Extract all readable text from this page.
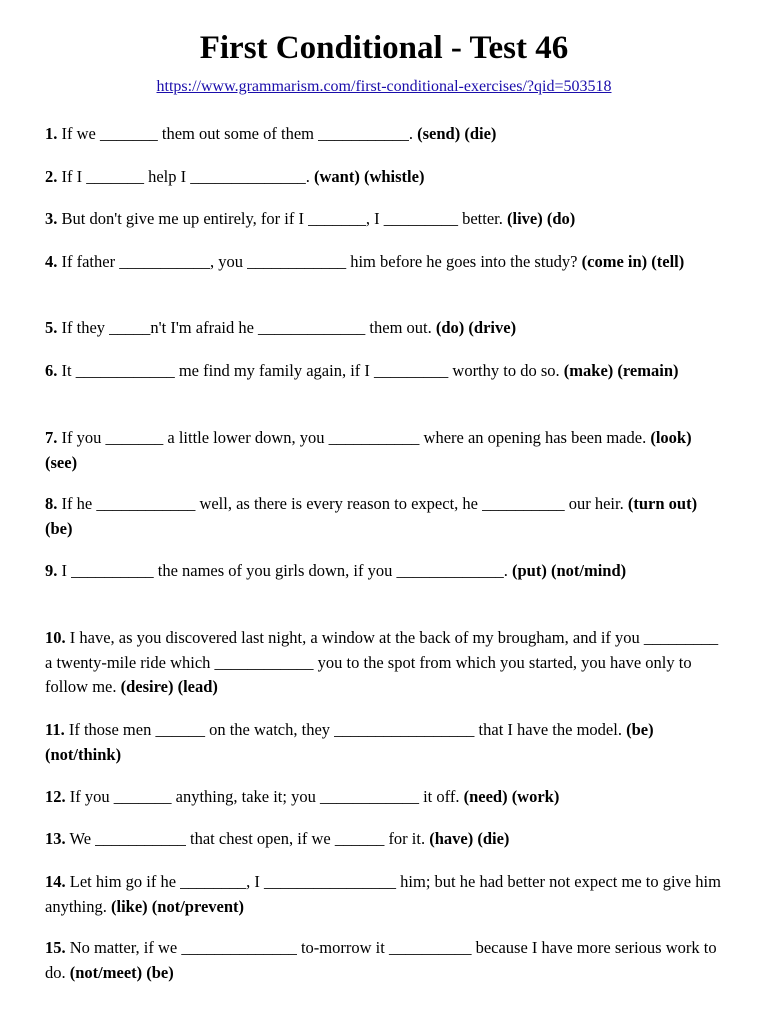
First Conditional - Test 46
https://www.grammarism.com/first-conditional-exercises/?qid=503518

1. If we _______ them out some of them ___________. (send) (die)

2. If I _______ help I ______________. (want) (whistle)

3. But don't give me up entirely, for if I _______, I _________ better. (live) (do)

4. If father ___________, you ____________ him before he goes into the study? (come in) (tell)

5. If they _____n't I'm afraid he _____________ them out. (do) (drive)

6. It ____________ me find my family again, if I _________ worthy to do so. (make) (remain)

7. If you _______ a little lower down, you ___________ where an opening has been made. (look) (see)

8. If he ____________ well, as there is every reason to expect, he __________ our heir. (turn out) (be)

9. I __________ the names of you girls down, if you _____________. (put) (not/mind)

10. I have, as you discovered last night, a window at the back of my brougham, and if you _________ a twenty-mile ride which ____________ you to the spot from which you started, you have only to follow me. (desire) (lead)

11. If those men ______ on the watch, they _________________ that I have the model. (be) (not/think)

12. If you _______ anything, take it; you ____________ it off. (need) (work)

13. We ___________ that chest open, if we ______ for it. (have) (die)

14. Let him go if he ________, I ________________ him; but he had better not expect me to give him anything. (like) (not/prevent)

15. No matter, if we ______________ to-morrow it __________ because I have more serious work to do. (not/meet) (be)
